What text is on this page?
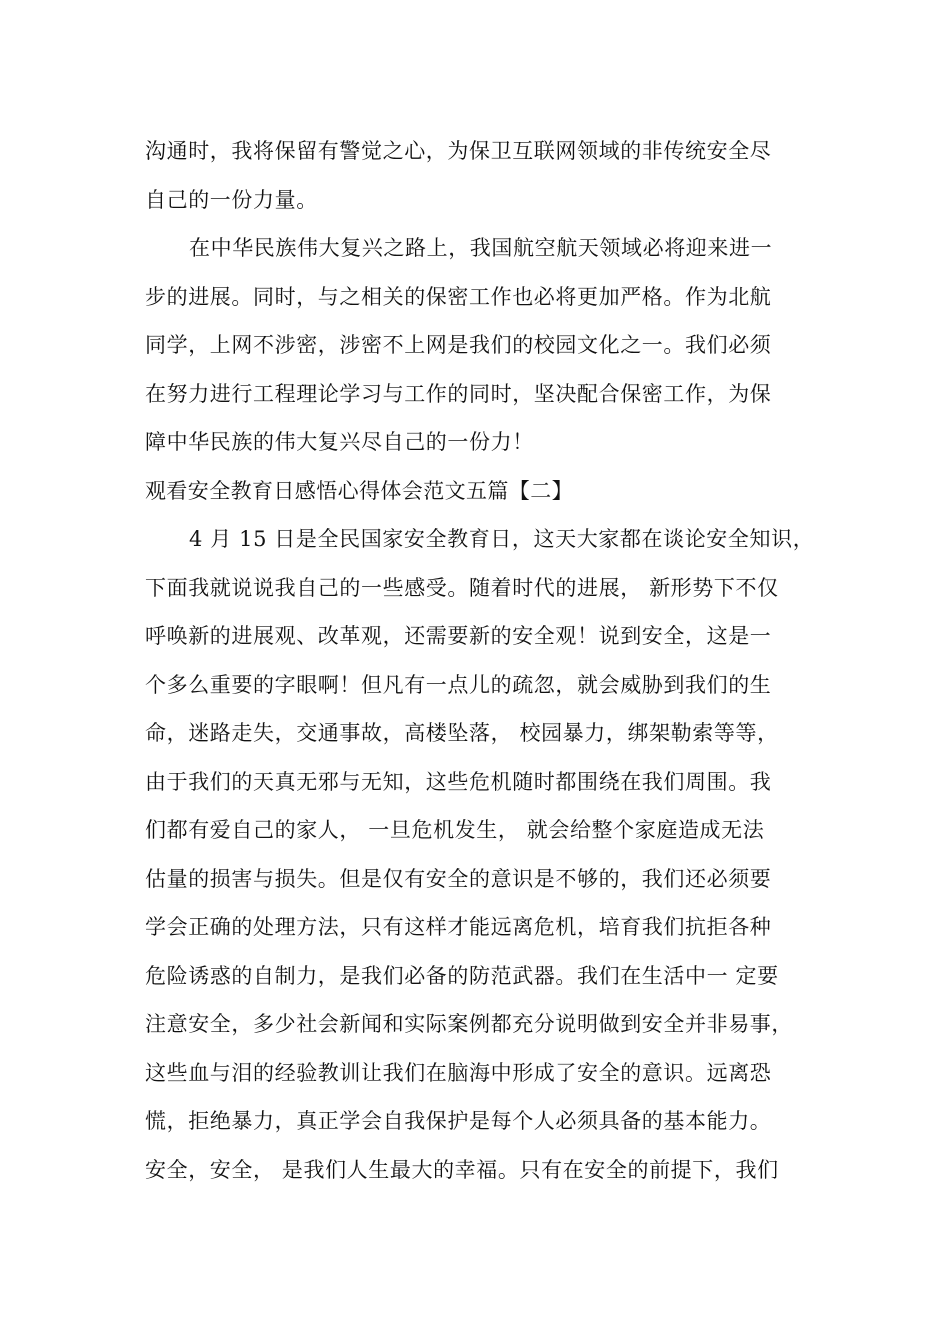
沟通时，我将保留有警觉之心，为保卫互联网领域的非传统安全尽
自己的一份力量。
在中华民族伟大复兴之路上，我国航空航天领域必将迎来进一
步的进展。同时，与之相关的保密工作也必将更加严格。作为北航
同学，上网不涉密，涉密不上网是我们的校园文化之一。我们必须
在努力进行工程理论学习与工作的同时，坚决配合保密工作，为保
障中华民族的伟大复兴尽自己的一份力！
观看安全教育日感悟心得体会范文五篇【二】
4 月 15 日是全民国家安全教育日，这天大家都在谈论安全知识，
下面我就说说我自己的一些感受。随着时代的进展， 新形势下不仅
呼唤新的进展观、改革观，还需要新的安全观！说到安全，这是一
个多么重要的字眼啊！但凡有一点儿的疏忽，就会威胁到我们的生
命，迷路走失，交通事故，高楼坠落， 校园暴力，绑架勒索等等，
由于我们的天真无邪与无知，这些危机随时都围绕在我们周围。我
们都有爱自己的家人， 一旦危机发生， 就会给整个家庭造成无法
估量的损害与损失。但是仅有安全的意识是不够的，我们还必须要
学会正确的处理方法，只有这样才能远离危机，培育我们抗拒各种
危险诱惑的自制力，是我们必备的防范武器。我们在生活中一 定要
注意安全，多少社会新闻和实际案例都充分说明做到安全并非易事，
这些血与泪的经验教训让我们在脑海中形成了安全的意识。远离恐
慌，拒绝暴力，真正学会自我保护是每个人必须具备的基本能力。
安全，安全， 是我们人生最大的幸福。只有在安全的前提下，我们
